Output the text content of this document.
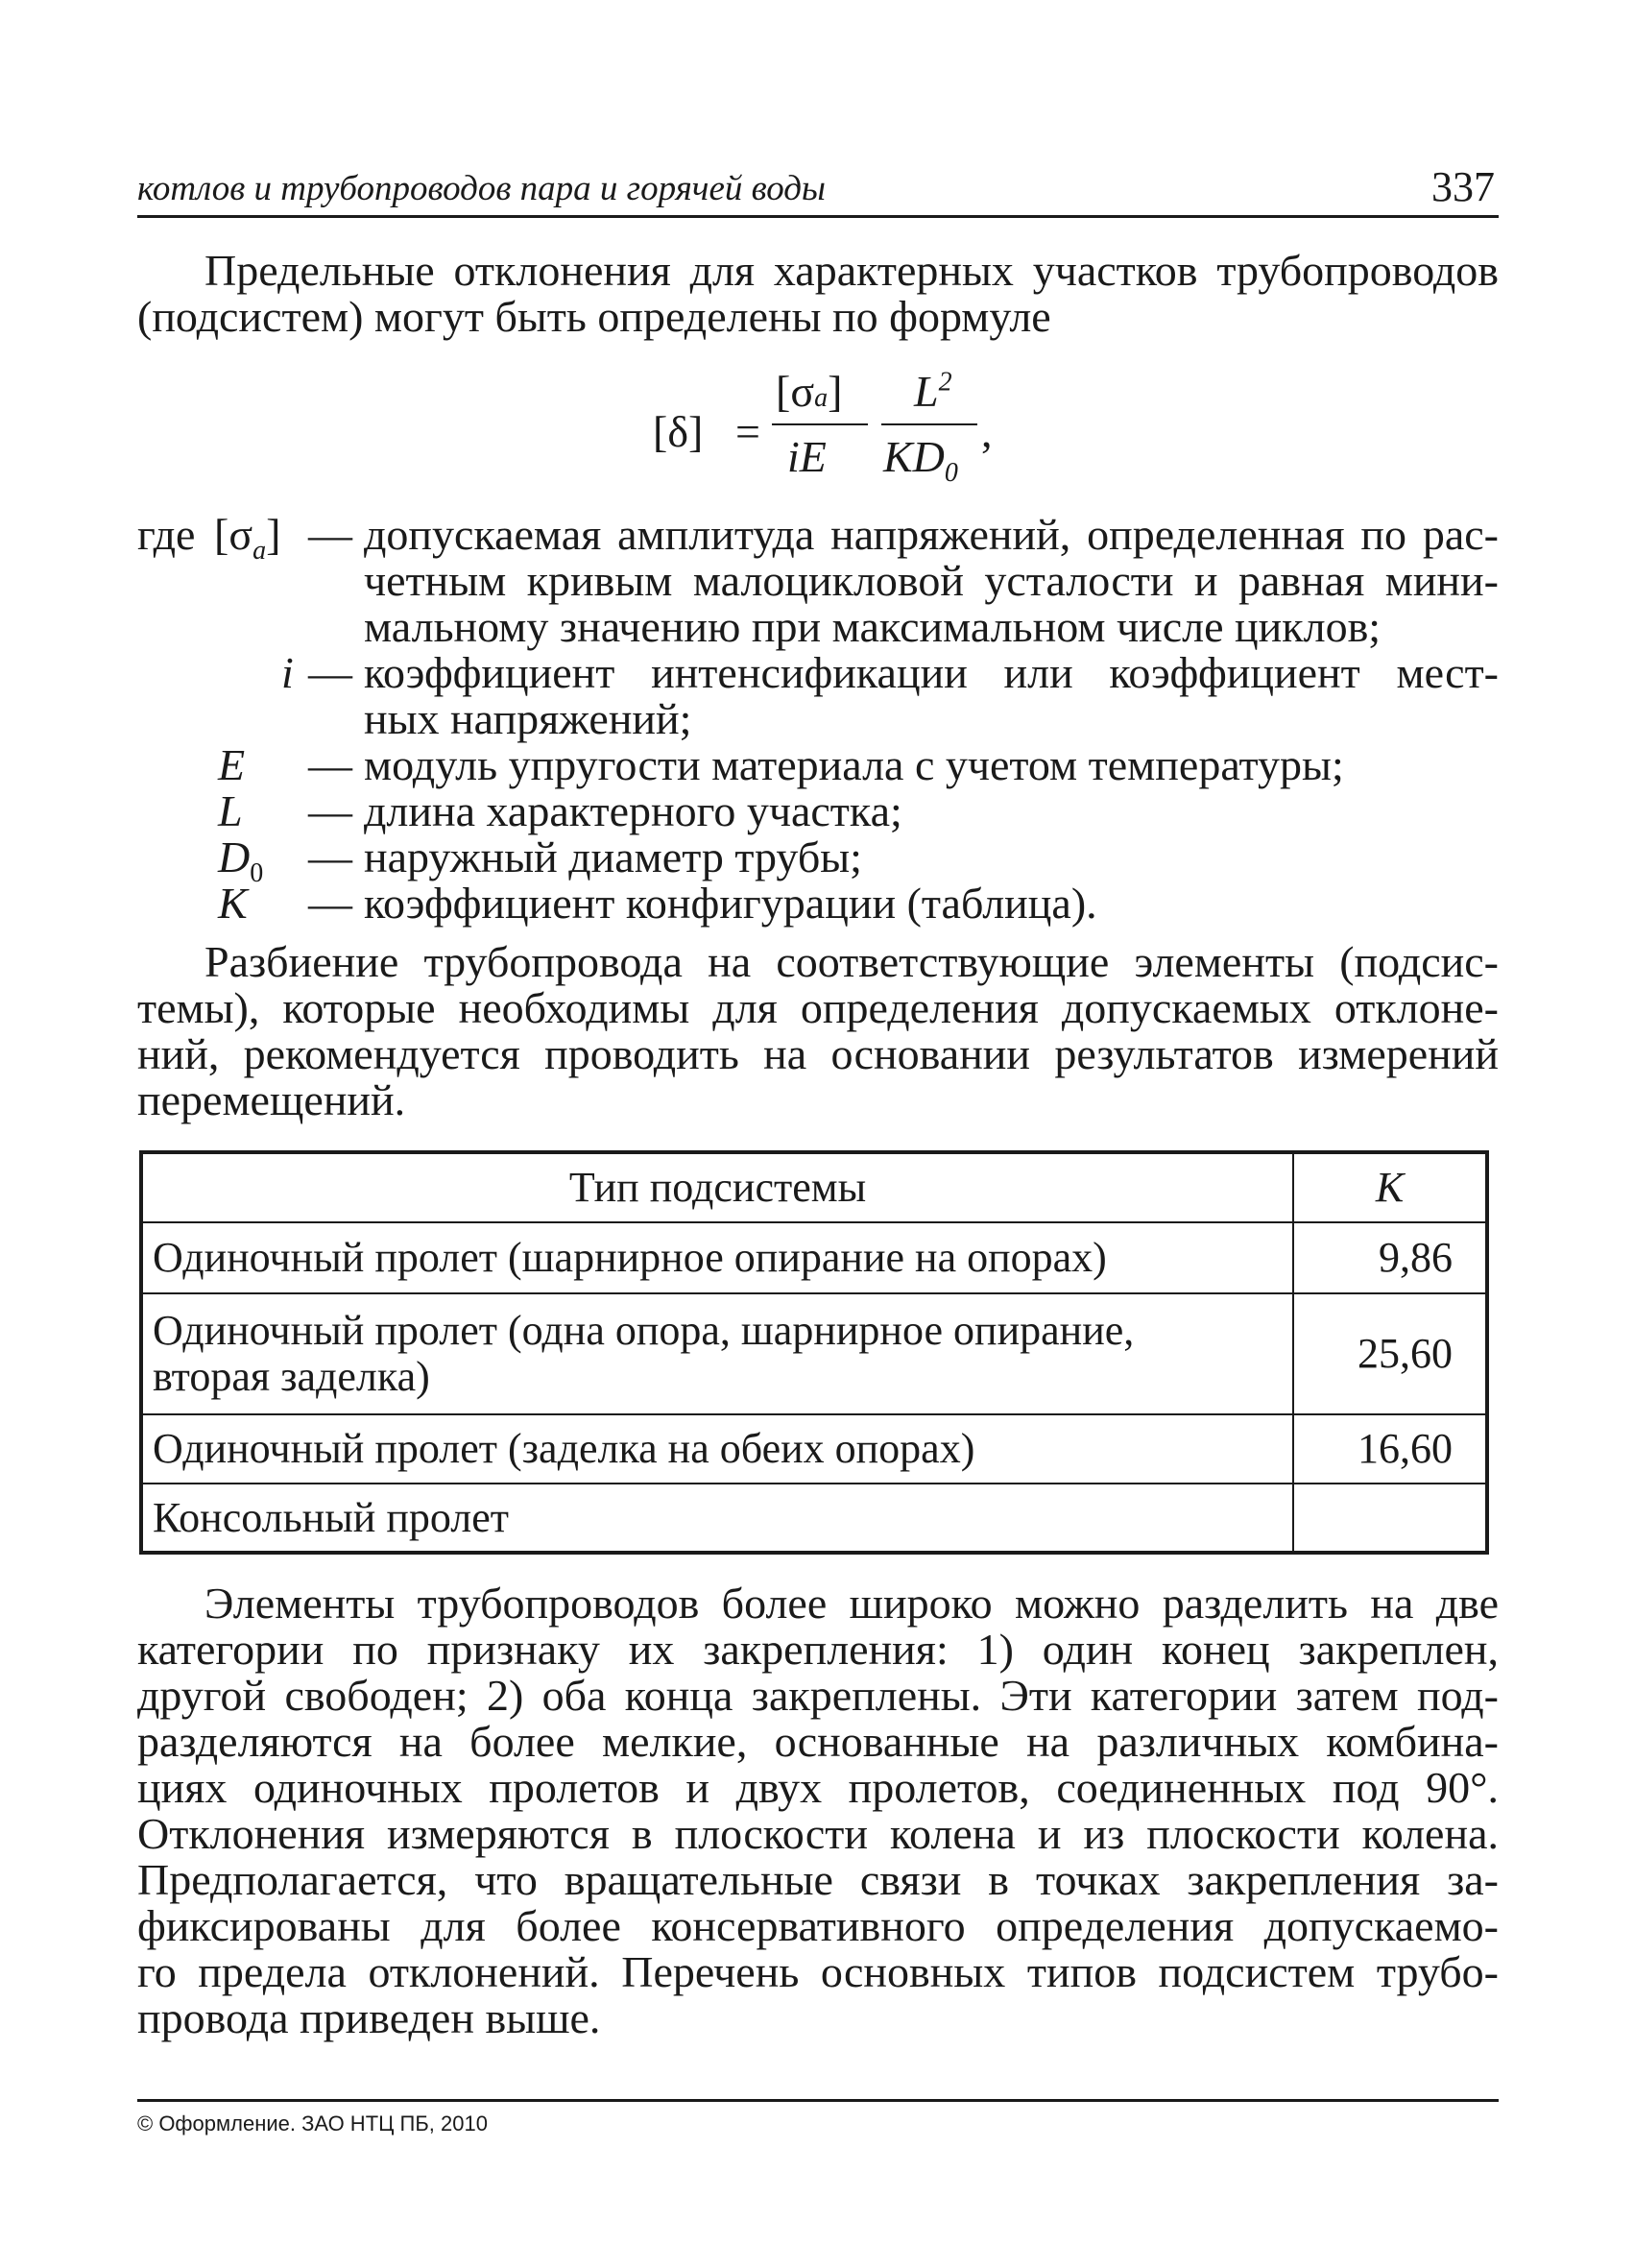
котлов и трубопроводов пара и горячей воды	337

Предельные отклонения для характерных участков трубопроводов
(подсистем) могут быть определены по формуле

[δ] =
[σa]
iE
$L^2$
$KD_0$
,
где $[\sigma_a]$ — допускаемая амплитуда напряжений, определенная по рас-
четным кривым малоцикловой усталости и равная мини-
мальному значению при максимальном числе циклов;
i — коэффициент интенсификации или коэффициент мест-
ных напряжений;
E — модуль упругости материала с учетом температуры;
L — длина характерного участка;
$D_0$ — наружный диаметр трубы;
K — коэффициент конфигурации (таблица).

Разбиение трубопровода на соответствующие элементы (подсис-
темы), которые необходимы для определения допускаемых отклоне-
ний, рекомендуется проводить на основании результатов измерений
перемещений.

Тип подсистемы	K
Одиночный пролет (шарнирное опирание на опорах)	9,86

Одиночный пролет (одна опора, шарнирное опирание,
вторая заделка)	25,60
Одиночный пролет (заделка на обеих опорах)	16,60
Консольный пролет	

Элементы трубопроводов более широко можно разделить на две
категории по признаку их закрепления: 1) один конец закреплен,
другой свободен; 2) оба конца закреплены. Эти категории затем под-
разделяются на более мелкие, основанные на различных комбина-
циях одиночных пролетов и двух пролетов, соединенных под 90°.
Отклонения измеряются в плоскости колена и из плоскости колена.
Предполагается, что вращательные связи в точках закрепления за-
фиксированы для более консервативного определения допускаемо-
го предела отклонений. Перечень основных типов подсистем трубо-
провода приведен выше.

© Оформление. ЗАО НТЦ ПБ, 2010
